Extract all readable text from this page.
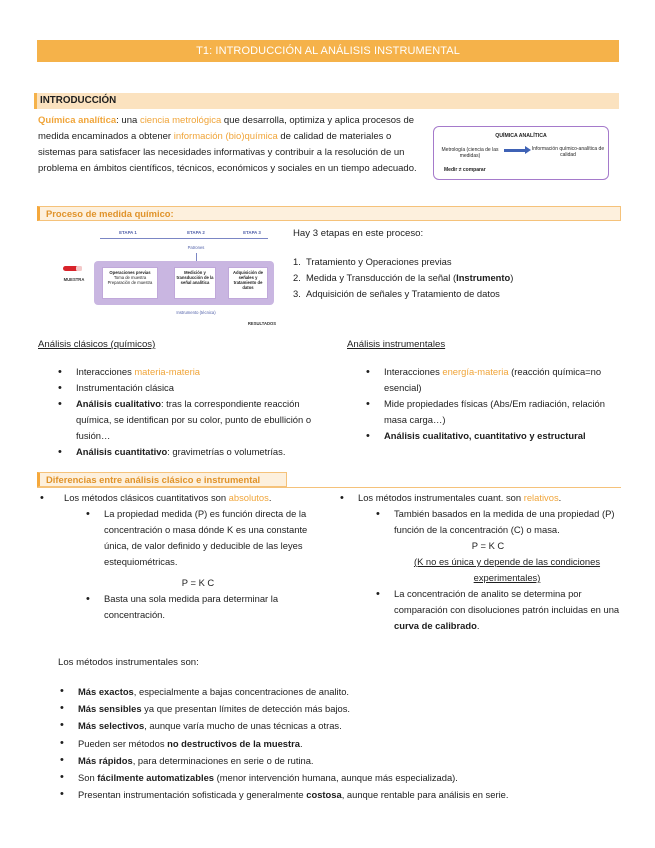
T1: INTRODUCCIÓN AL ANÁLISIS INSTRUMENTAL
INTRODUCCIÓN
Química analítica: una ciencia metrológica que desarrolla, optimiza y aplica procesos de medida encaminados a obtener información (bio)química de calidad de materiales o sistemas para satisfacer las necesidades informativas y contribuir a la resolución de un problema en ámbitos científicos, técnicos, económicos y sociales en un tiempo adecuado.
QUÍMICA ANALÍTICA
Metrología (ciencia de las medidas)
Información químico-analítica de calidad
Medir ≠ comparar
Proceso de medida químico:
ETAPA 1	ETAPA 2	ETAPA 3
Patrones
MUESTRA
Operaciones previas
Toma de muestra
Preparación de muestra
Medición y transducción de la señal analítica
Adquisición de señales y tratamiento de datos
Instrumento (técnica)
RESULTADOS
Hay 3 etapas en este proceso:
1. Tratamiento y Operaciones previas
2. Medida y Transducción de la señal (Instrumento)
3. Adquisición de señales y Tratamiento de datos
Análisis clásicos (químicos)	Análisis instrumentales
• Interacciones materia-materia
• Instrumentación clásica
• Análisis cualitativo: tras la correspondiente reacción química, se identifican por su color, punto de ebullición o fusión…
• Análisis cuantitativo: gravimetrías o volumetrías.
• Interacciones energía-materia (reacción química=no esencial)
• Mide propiedades físicas (Abs/Em radiación, relación masa carga…)
• Análisis cualitativo, cuantitativo y estructural
Diferencias entre análisis clásico e instrumental
• Los métodos clásicos cuantitativos son absolutos.
• La propiedad medida (P) es función directa de la concentración o masa dónde K es una constante única, de valor definido y deducible de las leyes estequiométricas.
P = K C
• Basta una sola medida para determinar la concentración.
• Los métodos instrumentales cuant. son relativos.
• También basados en la medida de una propiedad (P) función de la concentración (C) o masa.
P = K C
(K no es única y depende de las condiciones experimentales)
• La concentración de analito se determina por comparación con disoluciones patrón incluidas en una curva de calibrado.
Los métodos instrumentales son:
• Más exactos, especialmente a bajas concentraciones de analito.
• Más sensibles ya que presentan límites de detección más bajos.
• Más selectivos, aunque varía mucho de unas técnicas a otras.
• Pueden ser métodos no destructivos de la muestra.
• Más rápidos, para determinaciones en serie o de rutina.
• Son fácilmente automatizables (menor intervención humana, aunque más especializada).
• Presentan instrumentación sofisticada y generalmente costosa, aunque rentable para análisis en serie.
